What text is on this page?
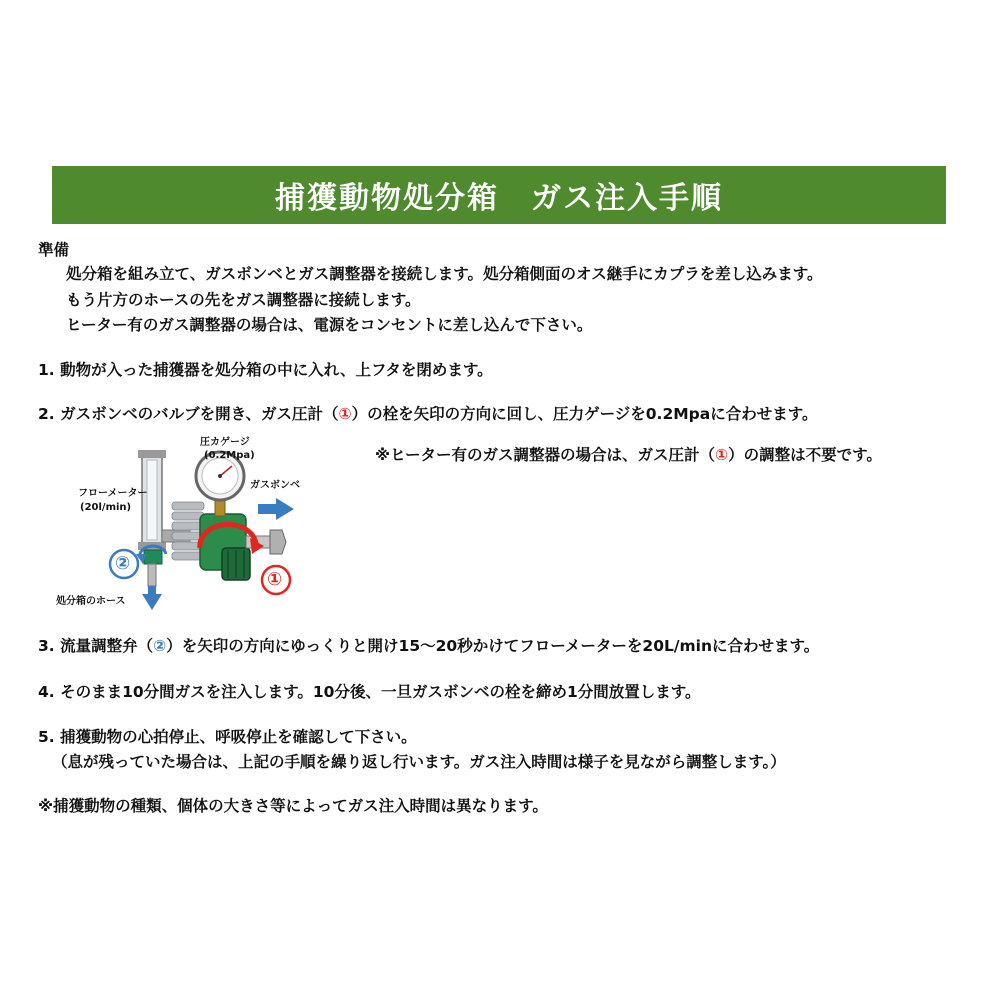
捕獲動物処分箱　ガス注入手順
準備
処分箱を組み立て、ガスボンベとガス調整器を接続します。処分箱側面のオス継手にカプラを差し込みます。
もう片方のホースの先をガス調整器に接続します。
ヒーター有のガス調整器の場合は、電源をコンセントに差し込んで下さい。
1. 動物が入った捕獲器を処分箱の中に入れ、上フタを閉めます。
2. ガスボンベのバルブを開き、ガス圧計（①）の栓を矢印の方向に回し、圧力ゲージを0.2Mpaに合わせます。
※ヒーター有のガス調整器の場合は、ガス圧計（①）の調整は不要です。
圧カゲージ
(0.2Mpa)
フローメーター
(20l/min)
ガスボンベ
処分箱のホース
②
①
3. 流量調整弁（②）を矢印の方向にゆっくりと開け15～20秒かけてフローメーターを20L/minに合わせます。
4. そのまま10分間ガスを注入します。10分後、一旦ガスボンベの栓を締め1分間放置します。
5. 捕獲動物の心拍停止、呼吸停止を確認して下さい。
（息が残っていた場合は、上記の手順を繰り返し行います。ガス注入時間は様子を見ながら調整します。）
※捕獲動物の種類、個体の大きさ等によってガス注入時間は異なります。
